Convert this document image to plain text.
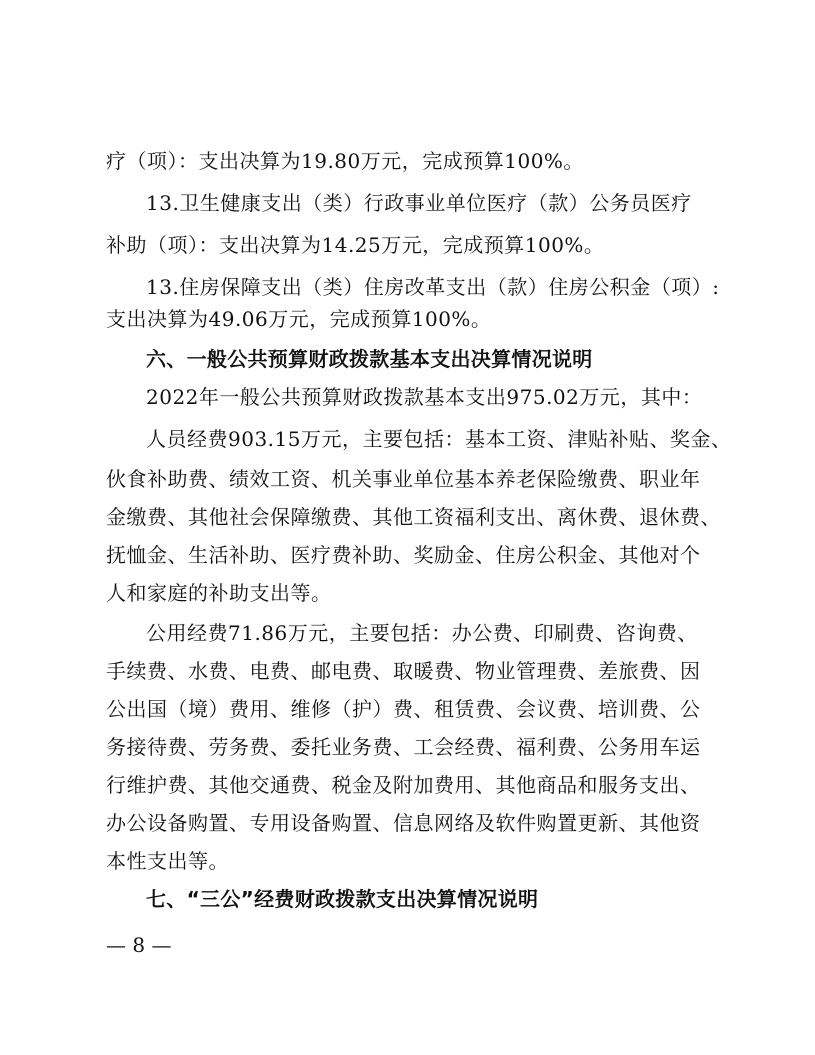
疗（项）：支出决算为19.80万元，完成预算100%。
13.卫生健康支出（类）行政事业单位医疗（款）公务员医疗
补助（项）：支出决算为14.25万元，完成预算100%。
13.住房保障支出（类）住房改革支出（款）住房公积金（项）:
支出决算为49.06万元，完成预算100%。
六、一般公共预算财政拨款基本支出决算情况说明
2022年一般公共预算财政拨款基本支出975.02万元，其中：
人员经费903.15万元，主要包括：基本工资、津贴补贴、奖金、
伙食补助费、绩效工资、机关事业单位基本养老保险缴费、职业年
金缴费、其他社会保障缴费、其他工资福利支出、离休费、退休费、
抚恤金、生活补助、医疗费补助、奖励金、住房公积金、其他对个
人和家庭的补助支出等。
公用经费71.86万元，主要包括：办公费、印刷费、咨询费、
手续费、水费、电费、邮电费、取暖费、物业管理费、差旅费、因
公出国（境）费用、维修（护）费、租赁费、会议费、培训费、公
务接待费、劳务费、委托业务费、工会经费、福利费、公务用车运
行维护费、其他交通费、税金及附加费用、其他商品和服务支出、
办公设备购置、专用设备购置、信息网络及软件购置更新、其他资
本性支出等。
七、“三公”经费财政拨款支出决算情况说明
— 8 —
